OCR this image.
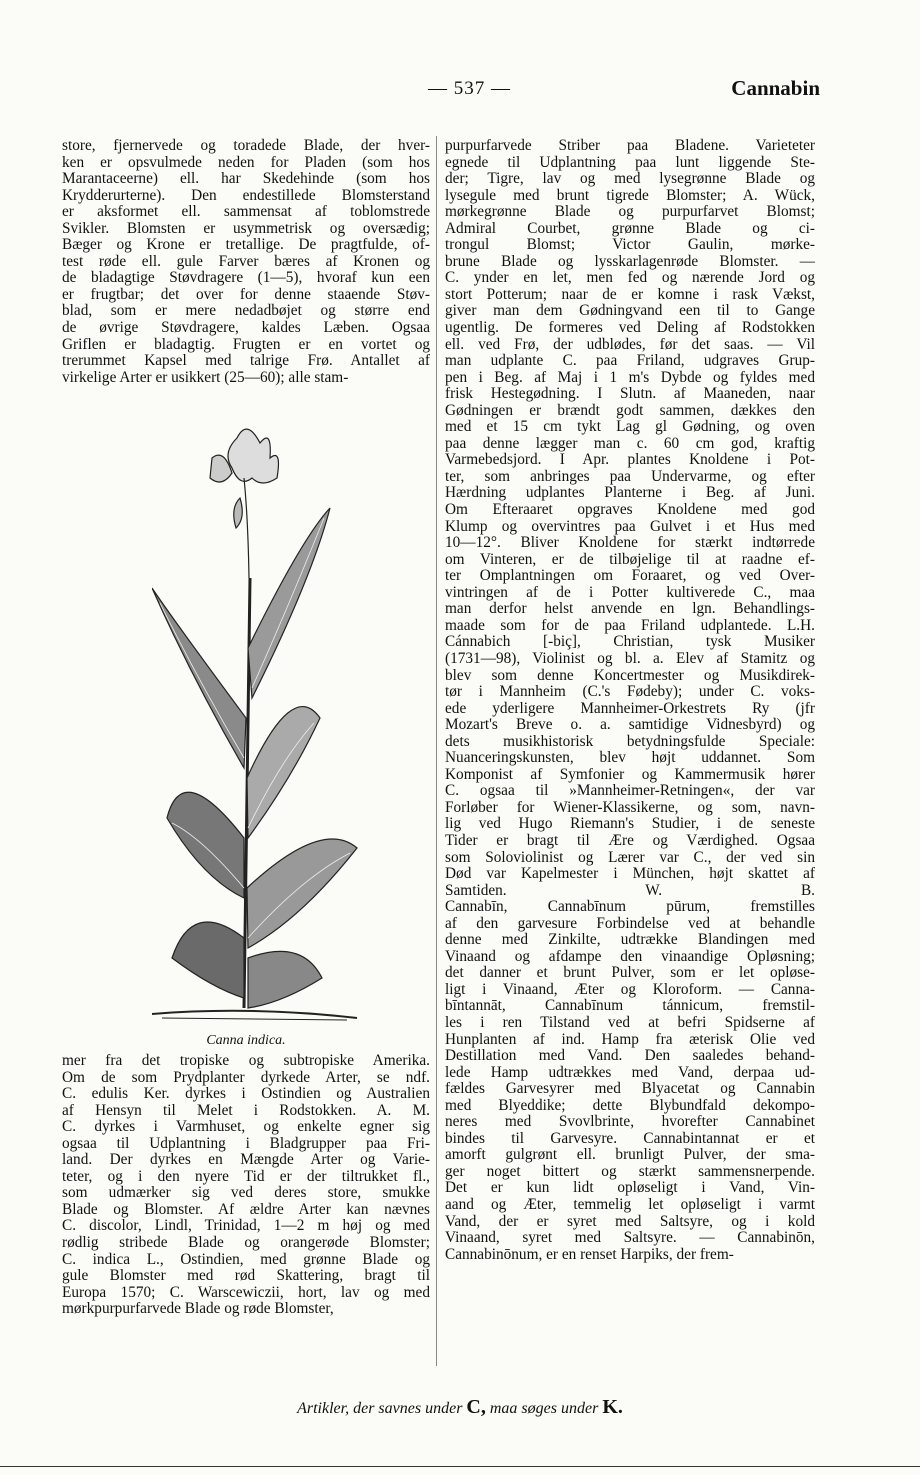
— 537 —	Cannabin
store, fjernervede og toradede Blade, der hver-
ken er opsvulmede neden for Pladen (som hos
Marantaceerne) ell. har Skedehinde (som hos
Krydderurterne). Den endestillede Blomsterstand
er aksformet ell. sammensat af toblomstrede
Svikler. Blomsten er usymmetrisk og oversædig;
Bæger og Krone er tretallige. De pragtfulde, of-
test røde ell. gule Farver bæres af Kronen og
de bladagtige Støvdragere (1—5), hvoraf kun een
er frugtbar; det over for denne staaende Støv-
blad, som er mere nedadbøjet og større end
de øvrige Støvdragere, kaldes Læben. Ogsaa
Griflen er bladagtig. Frugten er en vortet og
trerummet Kapsel med talrige Frø. Antallet af
virkelige Arter er usikkert (25—60); alle stam-
Canna indica.
mer fra det tropiske og subtropiske Amerika.
Om de som Prydplanter dyrkede Arter, se ndf.
C. edulis Ker. dyrkes i Ostindien og Australien
af Hensyn til Melet i Rodstokken. A. M.
C. dyrkes i Varmhuset, og enkelte egner sig
ogsaa til Udplantning i Bladgrupper paa Fri-
land. Der dyrkes en Mængde Arter og Varie-
teter, og i den nyere Tid er der tiltrukket fl.,
som udmærker sig ved deres store, smukke
Blade og Blomster. Af ældre Arter kan nævnes
C. discolor, Lindl, Trinidad, 1—2 m høj og med
rødlig stribede Blade og orangerøde Blomster;
C. indica L., Ostindien, med grønne Blade og
gule Blomster med rød Skattering, bragt til
Europa 1570; C. Warscewiczii, hort, lav og med
mørkpurpurfarvede Blade og røde Blomster,
purpurfarvede Striber paa Bladene. Varieteter
egnede til Udplantning paa lunt liggende Ste-
der; Tigre, lav og med lysegrønne Blade og
lysegule med brunt tigrede Blomster; A. Wück,
mørkegrønne Blade og purpurfarvet Blomst;
Admiral Courbet, grønne Blade og ci-
trongul Blomst; Victor Gaulin, mørke-
brune Blade og lysskarlagenrøde Blomster. —
C. ynder en let, men fed og nærende Jord og
stort Potterum; naar de er komne i rask Vækst,
giver man dem Gødningvand een til to Gange
ugentlig. De formeres ved Deling af Rodstokken
ell. ved Frø, der udblødes, før det saas. — Vil
man udplante C. paa Friland, udgraves Grup-
pen i Beg. af Maj i 1 m's Dybde og fyldes med
frisk Hestegødning. I Slutn. af Maaneden, naar
Gødningen er brændt godt sammen, dækkes den
med et 15 cm tykt Lag gl Gødning, og oven
paa denne lægger man c. 60 cm god, kraftig
Varmebedsjord. I Apr. plantes Knoldene i Pot-
ter, som anbringes paa Undervarme, og efter
Hærdning udplantes Planterne i Beg. af Juni.
Om Efteraaret opgraves Knoldene med god
Klump og overvintres paa Gulvet i et Hus med
10—12°. Bliver Knoldene for stærkt indtørrede
om Vinteren, er de tilbøjelige til at raadne ef-
ter Omplantningen om Foraaret, og ved Over-
vintringen af de i Potter kultiverede C., maa
man derfor helst anvende en lgn. Behandlings-
maade som for de paa Friland udplantede. L.H.
Cánnabich [-biç], Christian, tysk Musiker
(1731—98), Violinist og bl. a. Elev af Stamitz og
blev som denne Koncertmester og Musikdirek-
tør i Mannheim (C.'s Fødeby); under C. voks-
ede yderligere Mannheimer-Orkestrets Ry (jfr
Mozart's Breve o. a. samtidige Vidnesbyrd) og
dets musikhistorisk betydningsfulde Speciale:
Nuanceringskunsten, blev højt uddannet. Som
Komponist af Symfonier og Kammermusik hører
C. ogsaa til »Mannheimer-Retningen«, der var
Forløber for Wiener-Klassikerne, og som, navn-
lig ved Hugo Riemann's Studier, i de seneste
Tider er bragt til Ære og Værdighed. Ogsaa
som Soloviolinist og Lærer var C., der ved sin
Død var Kapelmester i München, højt skattet af
Samtiden. W. B.
Cannabīn, Cannabīnum pūrum, fremstilles
af den garvesure Forbindelse ved at behandle
denne med Zinkilte, udtrække Blandingen med
Vinaand og afdampe den vinaandige Opløsning;
det danner et brunt Pulver, som er let opløse-
ligt i Vinaand, Æter og Kloroform. — Canna-
bīntannāt, Cannabīnum tánnicum, fremstil-
les i ren Tilstand ved at befri Spidserne af
Hunplanten af ind. Hamp fra æterisk Olie ved
Destillation med Vand. Den saaledes behand-
lede Hamp udtrækkes med Vand, derpaa ud-
fældes Garvesyrer med Blyacetat og Cannabin
med Blyeddike; dette Blybundfald dekompo-
neres med Svovlbrinte, hvorefter Cannabinet
bindes til Garvesyre. Cannabintannat er et
amorft gulgrønt ell. brunligt Pulver, der sma-
ger noget bittert og stærkt sammensnerpende.
Det er kun lidt opløseligt i Vand, Vin-
aand og Æter, temmelig let opløseligt i varmt
Vand, der er syret med Saltsyre, og i kold
Vinaand, syret med Saltsyre. — Cannabinōn,
Cannabinōnum, er en renset Harpiks, der frem-
Artikler, der savnes under C, maa søges under K.
